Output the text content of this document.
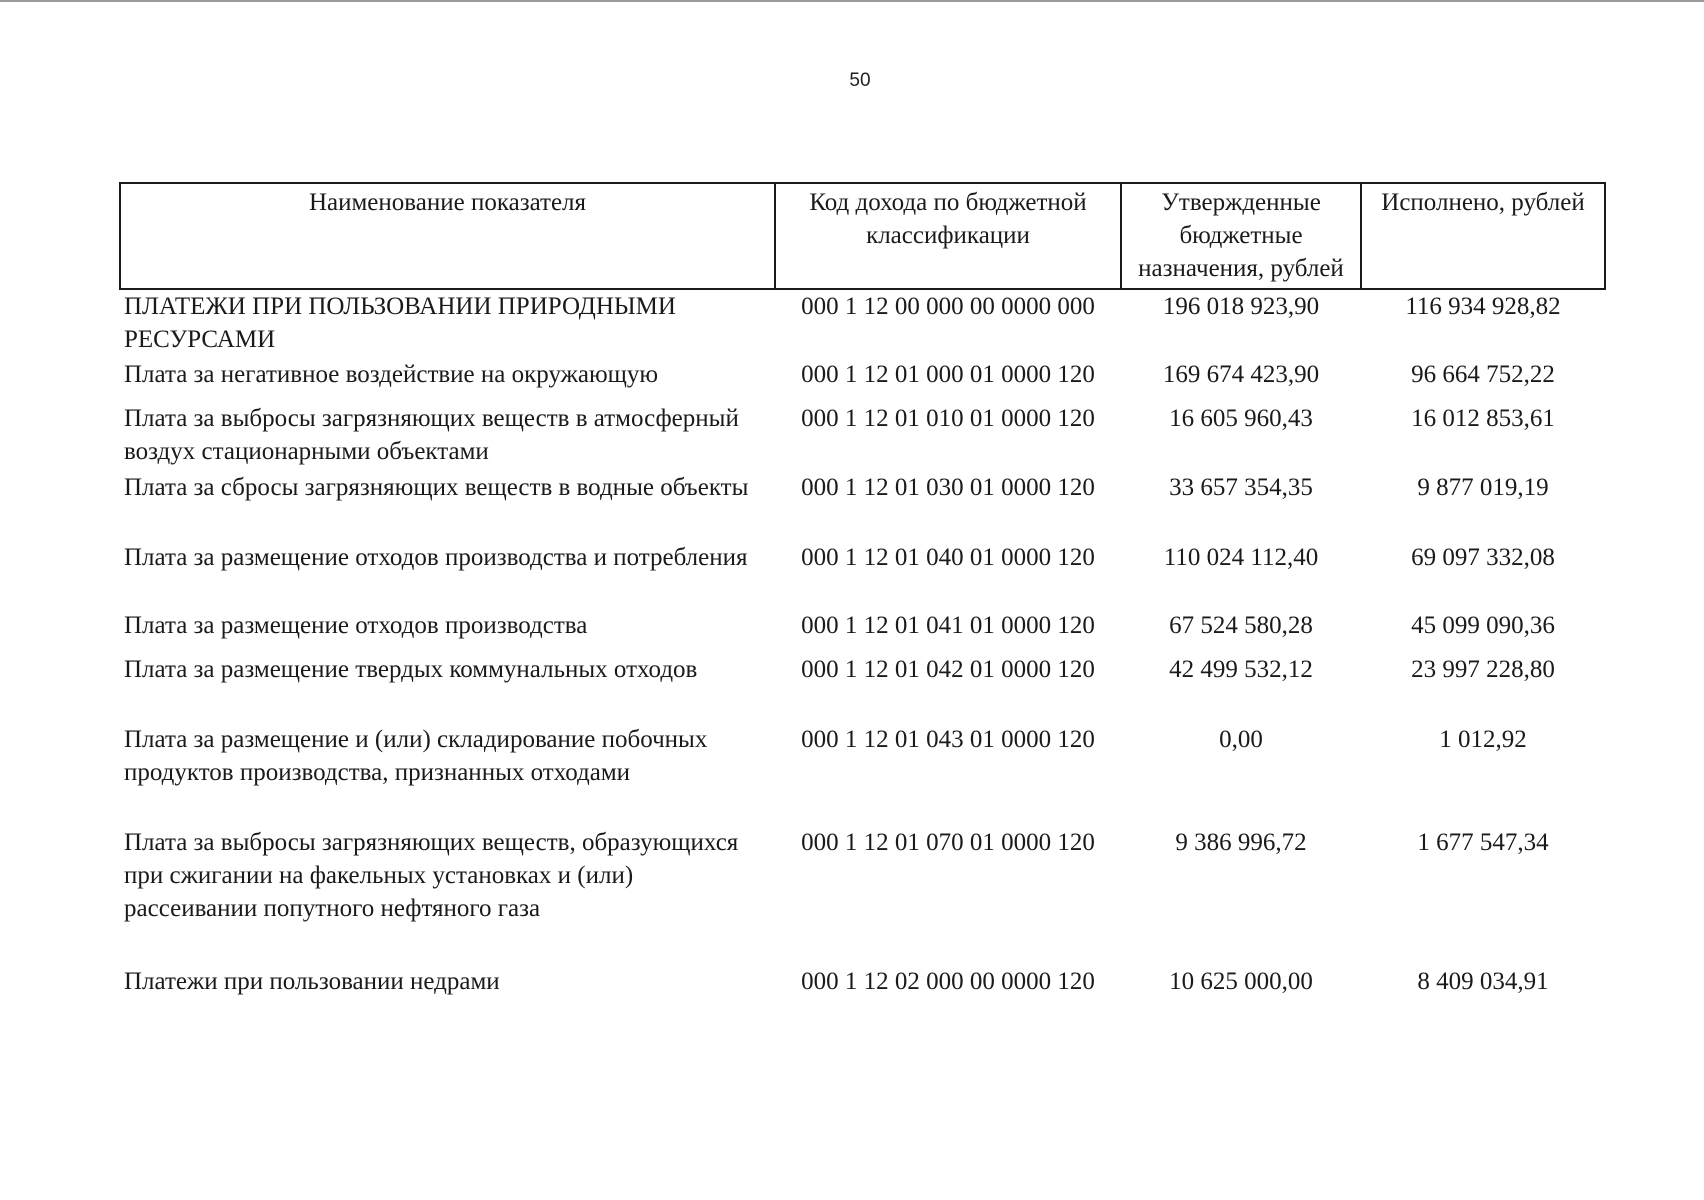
50
Наименование показателя	Код дохода по бюджетной классификации	Утвержденные бюджетные назначения, рублей	Исполнено, рублей
ПЛАТЕЖИ ПРИ ПОЛЬЗОВАНИИ ПРИРОДНЫМИ РЕСУРСАМИ	000 1 12 00 000 00 0000 000	196 018 923,90	116 934 928,82
Плата за негативное воздействие на окружающую	000 1 12 01 000 01 0000 120	169 674 423,90	96 664 752,22
Плата за выбросы загрязняющих веществ в атмосферный воздух стационарными объектами	000 1 12 01 010 01 0000 120	16 605 960,43	16 012 853,61
Плата за сбросы загрязняющих веществ в водные объекты	000 1 12 01 030 01 0000 120	33 657 354,35	9 877 019,19
Плата за размещение отходов производства и потребления	000 1 12 01 040 01 0000 120	110 024 112,40	69 097 332,08
Плата за размещение отходов производства	000 1 12 01 041 01 0000 120	67 524 580,28	45 099 090,36
Плата за размещение твердых коммунальных отходов	000 1 12 01 042 01 0000 120	42 499 532,12	23 997 228,80
Плата за размещение и (или) складирование побочных продуктов производства, признанных отходами	000 1 12 01 043 01 0000 120	0,00	1 012,92
Плата за выбросы загрязняющих веществ, образующихся при сжигании на факельных установках и (или) рассеивании попутного нефтяного газа	000 1 12 01 070 01 0000 120	9 386 996,72	1 677 547,34
Платежи при пользовании недрами	000 1 12 02 000 00 0000 120	10 625 000,00	8 409 034,91
